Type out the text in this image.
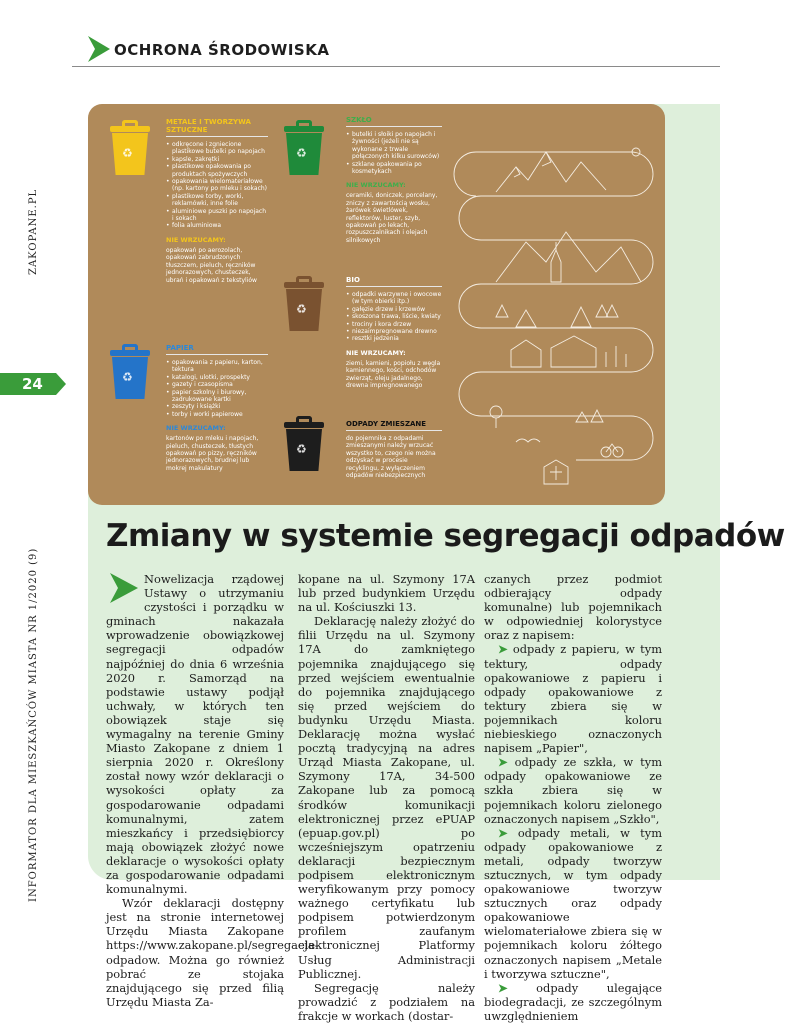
OCHRONA ŚRODOWISKA
ZAKOPANE.PL
24
INFORMATOR DLA MIESZKAŃCÓW MIASTA NR 1/2020 (9)
♻
METALE I TWORZYWA SZTUCZNE
• odkręcone i zgniecione plastikowe butelki po napojach
• kapsle, zakrętki
• plastikowe opakowania po produktach spożywczych
• opakowania wielomateriałowe (np. kartony po mleku i sokach)
• plastikowe torby, worki, reklamówki, inne folie
• aluminiowe puszki po napojach i sokach
• folia aluminiowa
NIE WRZUCAMY:
opakowań po aerozolach, opakowań zabrudzonych tłuszczem, pieluch, ręczników jednorazowych, chusteczek, ubrań i opakowań z tekstyliów
♻
PAPIER
• opakowania z papieru, karton, tektura
• katalogi, ulotki, prospekty
• gazety i czasopisma
• papier szkolny i biurowy, zadrukowane kartki
• zeszyty i książki
• torby i worki papierowe
NIE WRZUCAMY:
kartonów po mleku i napojach, pieluch, chusteczek, tłustych opakowań po pizzy, ręczników jednorazowych, brudnej lub mokrej makulatury
♻
SZKŁO
• butelki i słoiki po napojach i żywności (jeżeli nie są wykonane z trwale połączonych kilku surowców)
• szklane opakowania po kosmetykach
NIE WRZUCAMY:
ceramiki, doniczek, porcelany, zniczy z zawartością wosku, żarówek świetlówek, reflektorów, luster, szyb, opakowań po lekach, rozpuszczalnikach i olejach silnikowych
♻
BIO
• odpadki warzywne i owocowe (w tym obierki itp.)
• gałęzie drzew i krzewów
• skoszona trawa, liście, kwiaty
• trociny i kora drzew
• niezaimpregnowane drewno
• resztki jedzenia
NIE WRZUCAMY:
ziemi, kamieni, popiołu z węgla kamiennego, kości, odchodów zwierząt, oleju jadalnego, drewna impregnowanego
♻
ODPADY ZMIESZANE
do pojemnika z odpadami zmieszanymi należy wrzucać wszystko to, czego nie można odzyskać w procesie recyklingu, z wyłączeniem odpadów niebezpiecznych
Zmiany w systemie segregacji odpadów

Nowelizacja rządowej Ustawy o utrzymaniu czystości i porządku w gminach nakazała wprowadzenie obowiązkowej segregacji odpadów najpóźniej do dnia 6 września 2020 r. Samorząd na podstawie ustawy podjął uchwały, w których ten obowiązek staje się wymagalny na terenie Gminy Miasto Zakopane z dniem 1 sierpnia 2020 r. Określony został nowy wzór deklaracji o wysokości opłaty za gospodarowanie odpadami komunalnymi, zatem mieszkańcy i przedsiębiorcy mają obowiązek złożyć nowe deklaracje o wysokości opłaty za gospodarowanie odpadami komunalnymi.

Wzór deklaracji dostępny jest na stronie internetowej Urzędu Miasta Zakopane https://www.zakopane.pl/segregacja-odpadow. Można go również pobrać ze stojaka znajdującego się przed filią Urzędu Miasta Za-

kopane na ul. Szymony 17A lub przed budynkiem Urzędu na ul. Kościuszki 13.

Deklarację należy złożyć do filii Urzędu na ul. Szymony 17A do zamkniętego pojemnika znajdującego się przed wejściem ewentualnie do pojemnika znajdującego się przed wejściem do budynku Urzędu Miasta. Deklarację można wysłać pocztą tradycyjną na adres Urząd Miasta Zakopane, ul. Szymony 17A, 34-500 Zakopane lub za pomocą środków komunikacji elektronicznej przez ePUAP (epuap.gov.pl) po wcześniejszym opatrzeniu deklaracji bezpiecznym podpisem elektronicznym weryfikowanym przy pomocy ważnego certyfikatu lub podpisem potwierdzonym profilem zaufanym elektronicznej Platformy Usług Administracji Publicznej.

Segregację należy prowadzić z podziałem na frakcje w workach (dostar-

czanych przez podmiot odbierający odpady komunalne) lub pojemnikach w odpowiedniej kolorystyce oraz z napisem:

➤ odpady z papieru, w tym tektury, odpady opakowaniowe z papieru i odpady opakowaniowe z tektury zbiera się w pojemnikach koloru niebieskiego oznaczonych napisem „Papier",

➤ odpady ze szkła, w tym odpady opakowaniowe ze szkła zbiera się w pojemnikach koloru zielonego oznaczonych napisem „Szkło",

➤ odpady metali, w tym odpady opakowaniowe z metali, odpady tworzyw sztucznych, w tym odpady opakowaniowe tworzyw sztucznych oraz odpady opakowaniowe wielomateriałowe zbiera się w pojemnikach koloru żółtego oznaczonych napisem „Metale i tworzywa sztuczne",

➤	odpady ulegające biodegradacji, ze szczególnym uwzględnieniem
